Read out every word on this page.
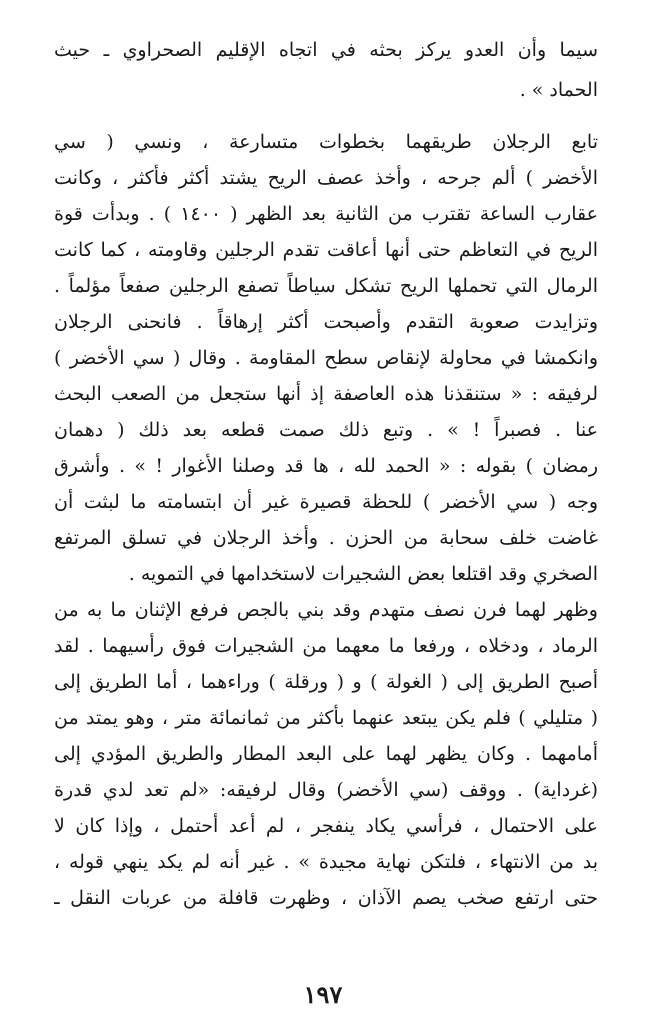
سيما وأن العدو يركز بحثه في اتجاه الإقليم الصحراوي ـ حيث
الحماد » .
تابع الرجلان طريقهما بخطوات متسارعة ، ونسي ( سي
الأخضر ) ألم جرحه ، وأخذ عصف الريح يشتد أكثر فأكثر ، وكانت
عقارب الساعة تقترب من الثانية بعد الظهر ( ١٤٠٠ ) . وبدأت قوة
الريح في التعاظم حتى أنها أعاقت تقدم الرجلين وقاومته ، كما كانت
الرمال التي تحملها الريح تشكل سياطاً تصفع الرجلين صفعاً مؤلماً .
وتزايدت صعوبة التقدم وأصبحت أكثر إرهاقاً . فانحنى الرجلان
وانكمشا في محاولة لإنقاص سطح المقاومة . وقال ( سي الأخضر )
لرفيقه : « ستنقذنا هذه العاصفة إذ أنها ستجعل من الصعب البحث
عنا . فصبراً ! » . وتبع ذلك صمت قطعه بعد ذلك ( دهمان
رمضان ) بقوله : « الحمد لله ، ها قد وصلنا الأغوار ! » . وأشرق
وجه ( سي الأخضر ) للحظة قصيرة غير أن ابتسامته ما لبثت أن
غاضت خلف سحابة من الحزن . وأخذ الرجلان في تسلق المرتفع
الصخري وقد اقتلعا بعض الشجيرات لاستخدامها في التمويه .
وظهر لهما فرن نصف متهدم وقد بني بالجص فرفع الإثنان ما به من
الرماد ، ودخلاه ، ورفعا ما معهما من الشجيرات فوق رأسيهما . لقد
أصبح الطريق إلى ( الغولة ) و ( ورقلة ) وراءهما ، أما الطريق إلى
( متليلي ) فلم يكن يبتعد عنهما بأكثر من ثمانمائة متر ، وهو يمتد من
أمامهما . وكان يظهر لهما على البعد المطار والطريق المؤدي إلى
(غرداية) . ووقف (سي الأخضر) وقال لرفيقه: «لم تعد لدي قدرة
على الاحتمال ، فرأسي يكاد ينفجر ، لم أعد أحتمل ، وإذا كان لا
بد من الانتهاء ، فلتكن نهاية مجيدة » . غير أنه لم يكد ينهي قوله ،
حتى ارتفع صخب يصم الآذان ، وظهرت قافلة من عربات النقل ـ
١٩٧
